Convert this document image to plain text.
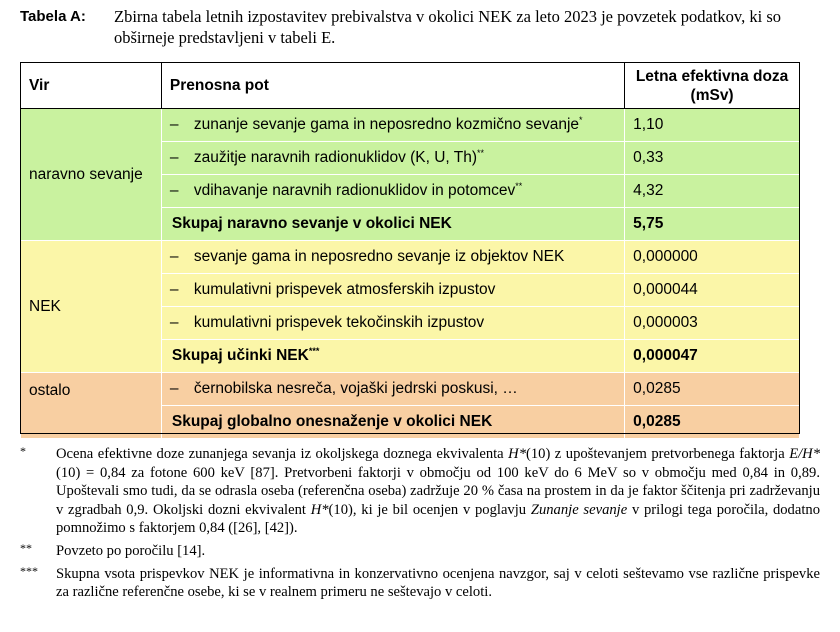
Tabela A: Zbirna tabela letnih izpostavitev prebivalstva v okolici NEK za leto 2023 je povzetek podatkov, ki so obširneje predstavljeni v tabeli E.
Vir	Prenosna pot	Letna efektivna doza (mSv)
naravno sevanje	– zunanje sevanje gama in neposredno kozmično sevanje*	1,10
	– zaužitje naravnih radionuklidov (K, U, Th)**	0,33
	– vdihavanje naravnih radionuklidov in potomcev**	4,32
	Skupaj naravno sevanje v okolici NEK	5,75
NEK	– sevanje gama in neposredno sevanje iz objektov NEK	0,000000
	– kumulativni prispevek atmosferskih izpustov	0,000044
	– kumulativni prispevek tekočinskih izpustov	0,000003
	Skupaj učinki NEK***	0,000047
ostalo	– černobilska nesreča, vojaški jedrski poskusi, …	0,0285
	Skupaj globalno onesnaženje v okolici NEK	0,0285
* Ocena efektivne doze zunanjega sevanja iz okoljskega doznega ekvivalenta H*(10) z upoštevanjem pretvorbenega faktorja E/H*(10) = 0,84 za fotone 600 keV [87]. Pretvorbeni faktorji v območju od 100 keV do 6 MeV so v območju med 0,84 in 0,89. Upoštevali smo tudi, da se odrasla oseba (referenčna oseba) zadržuje 20 % časa na prostem in da je faktor ščitenja pri zadrževanju v zgradbah 0,9. Okoljski dozni ekvivalent H*(10), ki je bil ocenjen v poglavju Zunanje sevanje v prilogi tega poročila, dodatno pomnožimo s faktorjem 0,84 ([26], [42]).
** Povzeto po poročilu [14].
*** Skupna vsota prispevkov NEK je informativna in konzervativno ocenjena navzgor, saj v celoti seštevamo vse različne prispevke za različne referenčne osebe, ki se v realnem primeru ne seštevajo v celoti.
